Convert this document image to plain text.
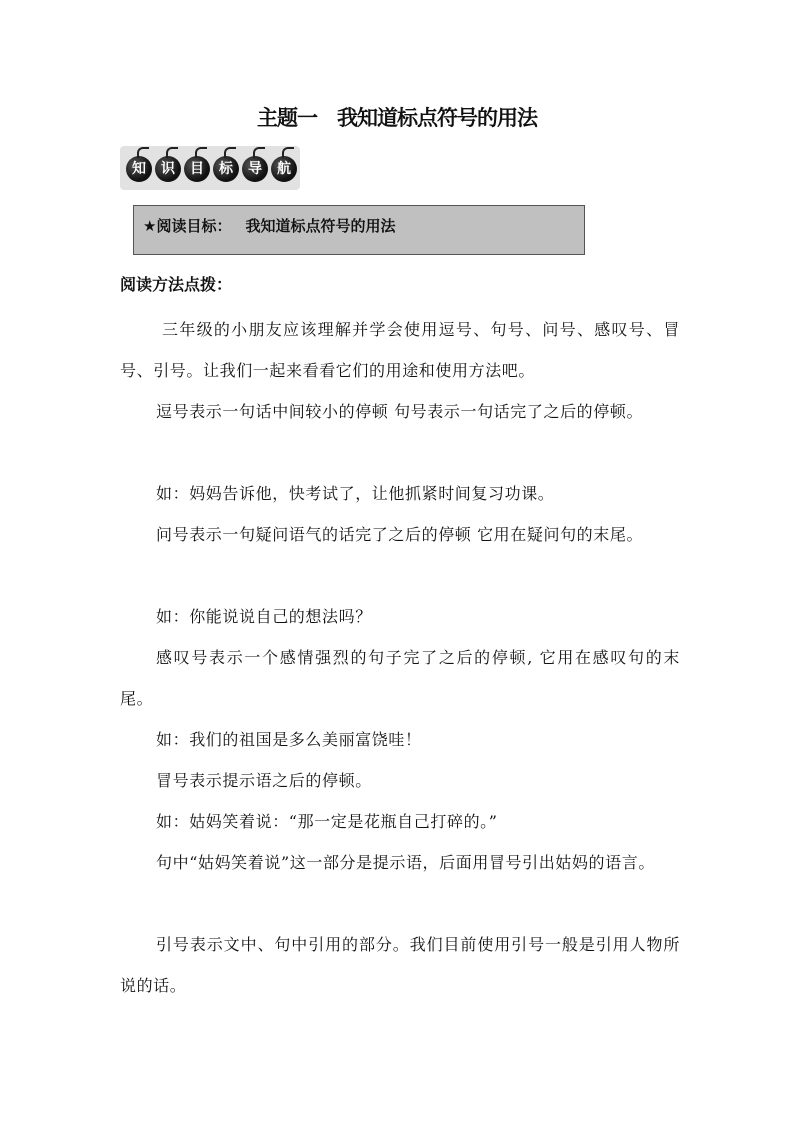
主题一 我知道标点符号的用法
知	识	目	标	导	航
★阅读目标： 我知道标点符号的用法
阅读方法点拨：

三年级的小朋友应该理解并学会使用逗号、句号、问号、感叹号、冒号、引号。让我们一起来看看它们的用途和使用方法吧。

逗号表示一句话中间较小的停顿 句号表示一句话完了之后的停顿。

如：妈妈告诉他，快考试了，让他抓紧时间复习功课。

问号表示一句疑问语气的话完了之后的停顿 它用在疑问句的末尾。

如：你能说说自己的想法吗？

感叹号表示一个感情强烈的句子完了之后的停顿, 它用在感叹句的末尾。

如：我们的祖国是多么美丽富饶哇！

冒号表示提示语之后的停顿。

如：姑妈笑着说：“那一定是花瓶自己打碎的。”

句中“姑妈笑着说”这一部分是提示语，后面用冒号引出姑妈的语言。

引号表示文中、句中引用的部分。我们目前使用引号一般是引用人物所说的话。
